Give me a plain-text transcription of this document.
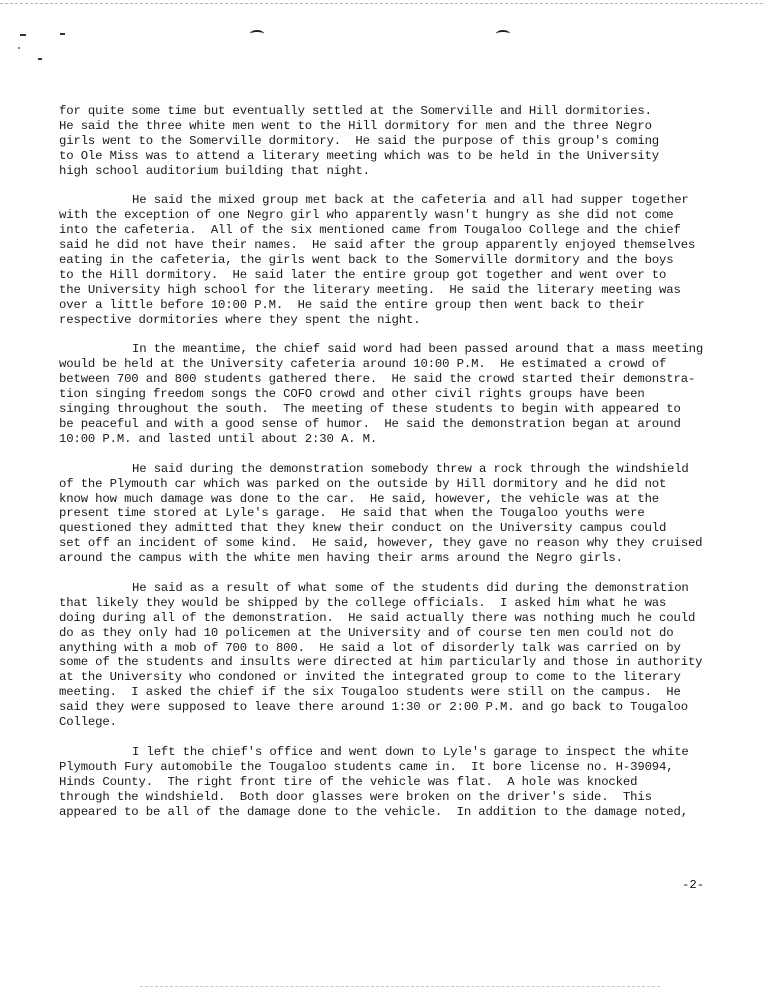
for quite some time but eventually settled at the Somerville and Hill dormitories.
He said the three white men went to the Hill dormitory for men and the three Negro
girls went to the Somerville dormitory.  He said the purpose of this group's coming
to Ole Miss was to attend a literary meeting which was to be held in the University
high school auditorium building that night.
He said the mixed group met back at the cafeteria and all had supper together
with the exception of one Negro girl who apparently wasn't hungry as she did not come
into the cafeteria.  All of the six mentioned came from Tougaloo College and the chief
said he did not have their names.  He said after the group apparently enjoyed themselves
eating in the cafeteria, the girls went back to the Somerville dormitory and the boys
to the Hill dormitory.  He said later the entire group got together and went over to
the University high school for the literary meeting.  He said the literary meeting was
over a little before 10:00 P.M.  He said the entire group then went back to their
respective dormitories where they spent the night.
In the meantime, the chief said word had been passed around that a mass meeting
would be held at the University cafeteria around 10:00 P.M.  He estimated a crowd of
between 700 and 800 students gathered there.  He said the crowd started their demonstra-
tion singing freedom songs the COFO crowd and other civil rights groups have been
singing throughout the south.  The meeting of these students to begin with appeared to
be peaceful and with a good sense of humor.  He said the demonstration began at around
10:00 P.M. and lasted until about 2:30 A. M.
He said during the demonstration somebody threw a rock through the windshield
of the Plymouth car which was parked on the outside by Hill dormitory and he did not
know how much damage was done to the car.  He said, however, the vehicle was at the
present time stored at Lyle's garage.  He said that when the Tougaloo youths were
questioned they admitted that they knew their conduct on the University campus could
set off an incident of some kind.  He said, however, they gave no reason why they cruised
around the campus with the white men having their arms around the Negro girls.
He said as a result of what some of the students did during the demonstration
that likely they would be shipped by the college officials.  I asked him what he was
doing during all of the demonstration.  He said actually there was nothing much he could
do as they only had 10 policemen at the University and of course ten men could not do
anything with a mob of 700 to 800.  He said a lot of disorderly talk was carried on by
some of the students and insults were directed at him particularly and those in authority
at the University who condoned or invited the integrated group to come to the literary
meeting.  I asked the chief if the six Tougaloo students were still on the campus.  He
said they were supposed to leave there around 1:30 or 2:00 P.M. and go back to Tougaloo
College.
I left the chief's office and went down to Lyle's garage to inspect the white
Plymouth Fury automobile the Tougaloo students came in.  It bore license no. H-39094,
Hinds County.  The right front tire of the vehicle was flat.  A hole was knocked
through the windshield.  Both door glasses were broken on the driver's side.  This
appeared to be all of the damage done to the vehicle.  In addition to the damage noted,
-2-
